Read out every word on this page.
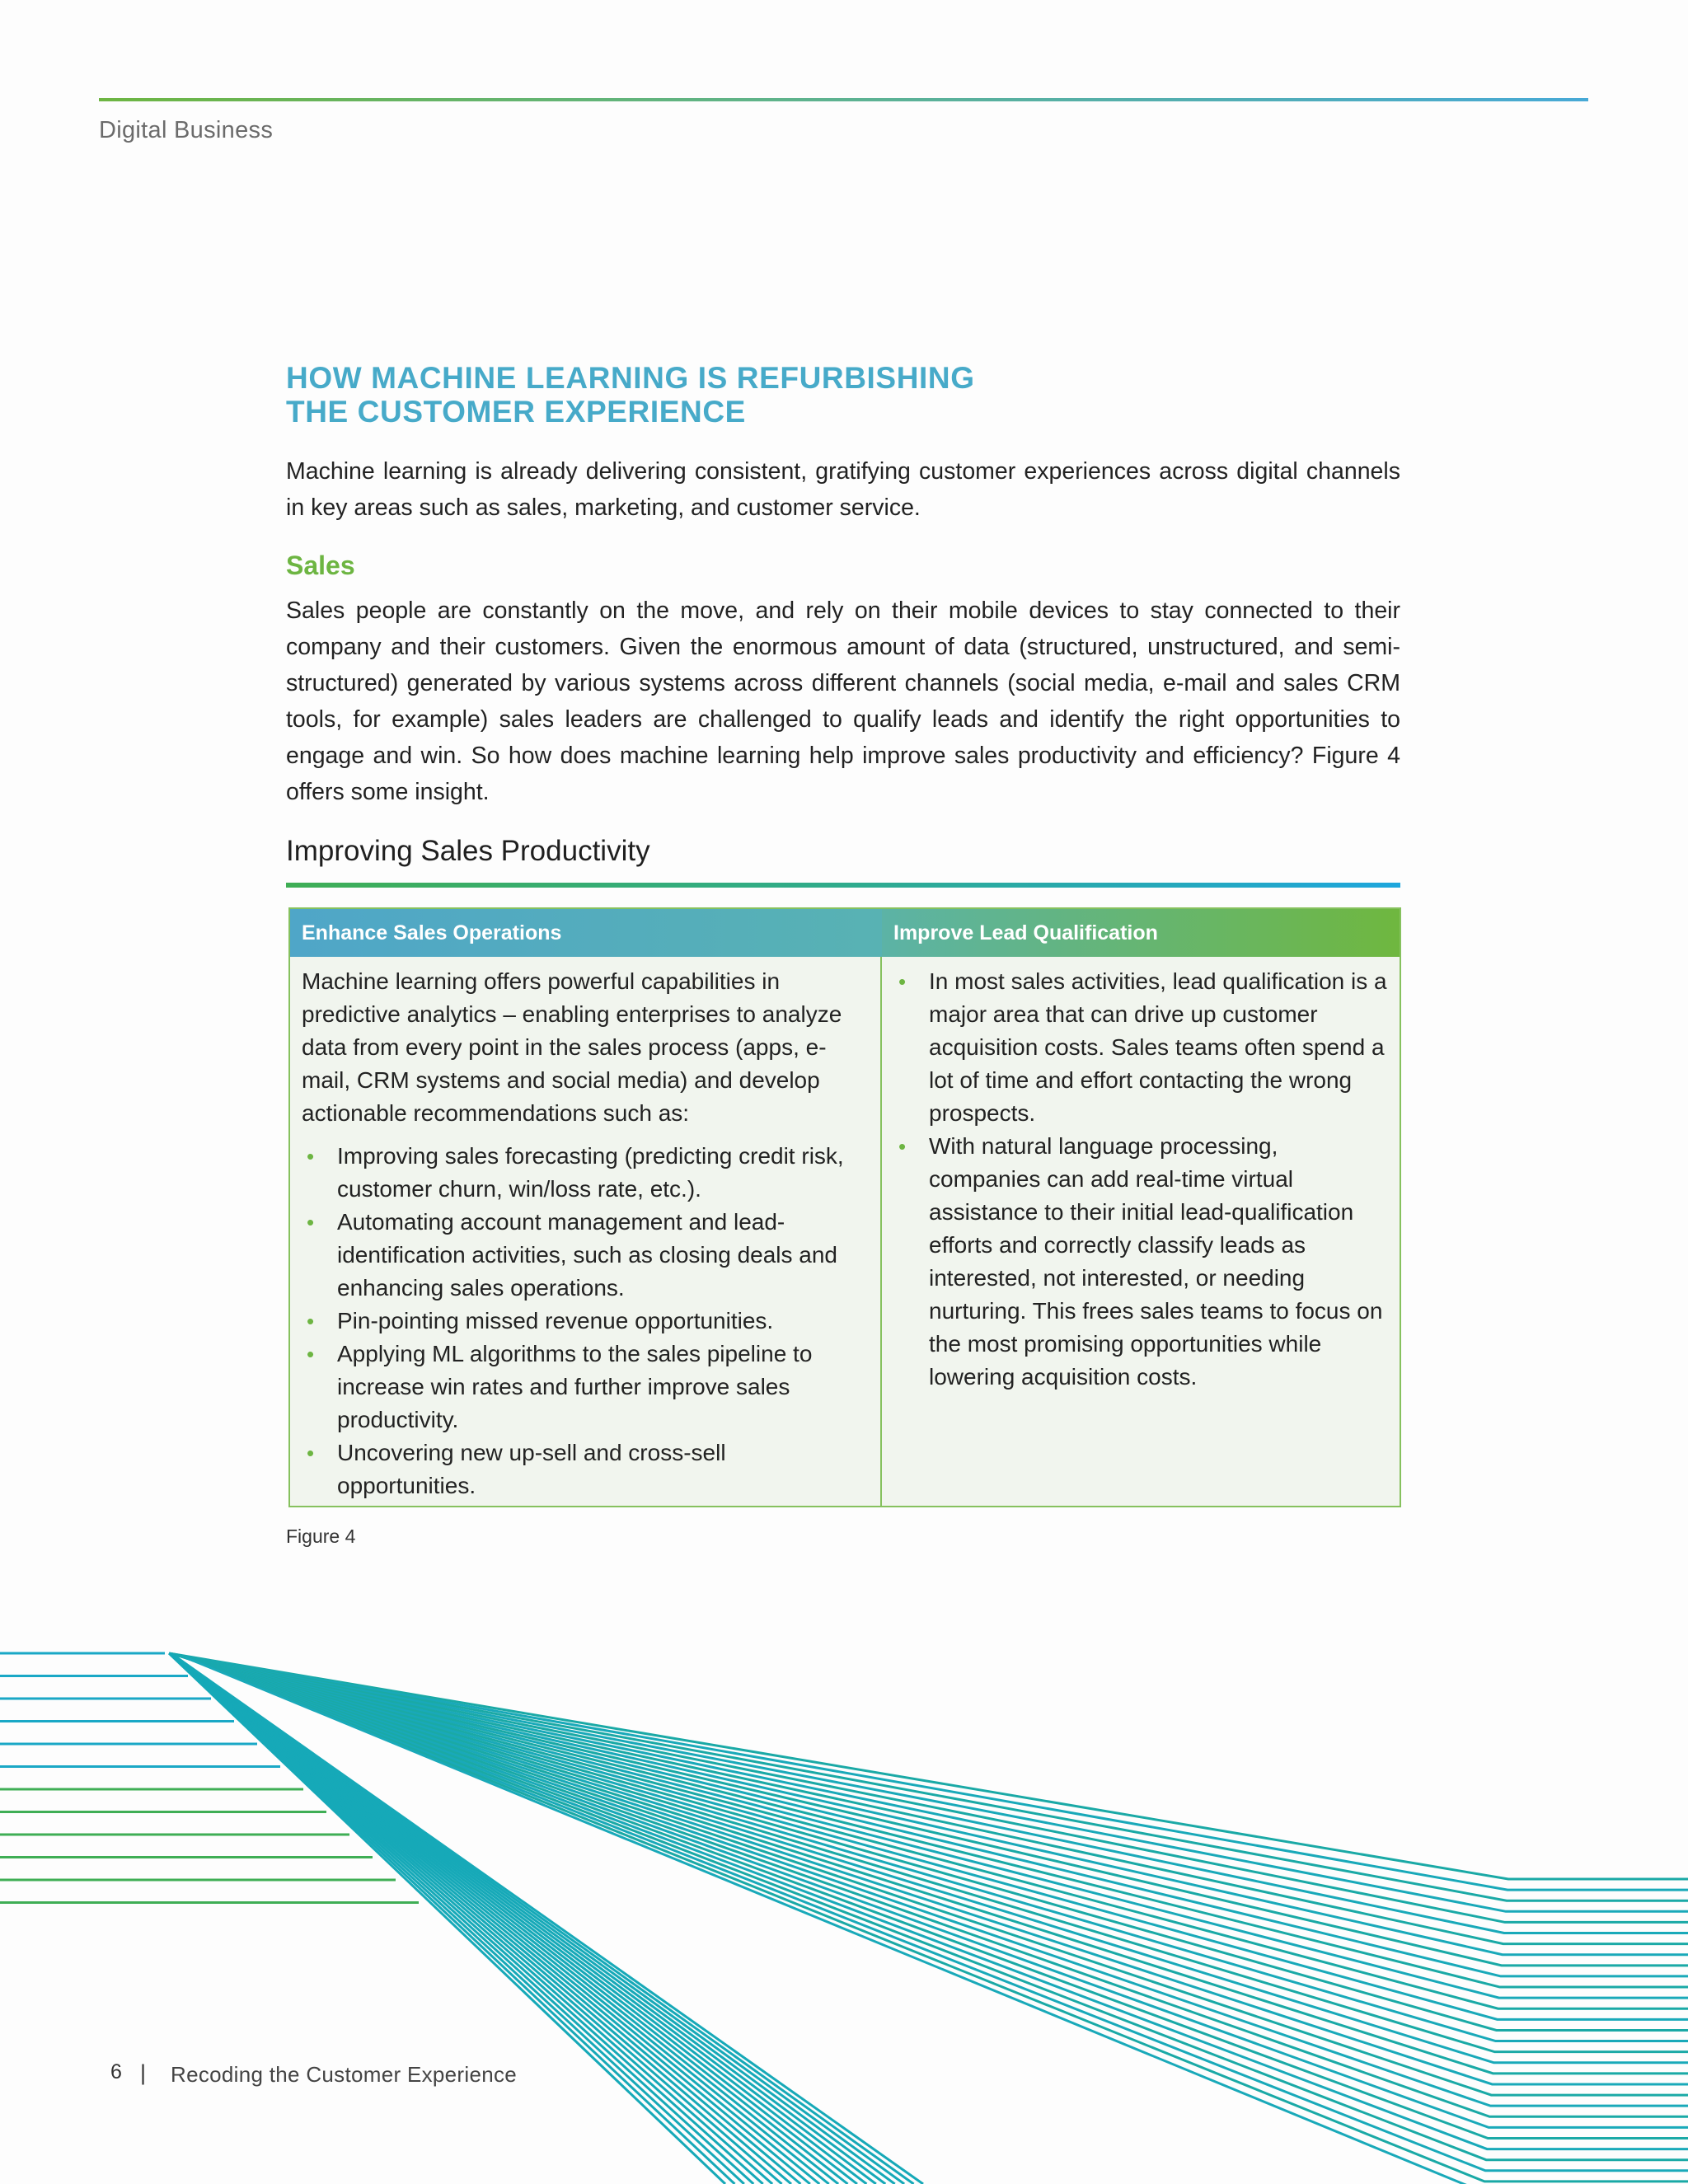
Digital Business
HOW MACHINE LEARNING IS REFURBISHING
THE CUSTOMER EXPERIENCE

Machine learning is already delivering consistent, gratifying customer experiences across digital channels in key areas such as sales, marketing, and customer service.

Sales

Sales people are constantly on the move, and rely on their mobile devices to stay connected to their company and their customers. Given the enormous amount of data (structured, unstructured, and semi-structured) generated by various systems across different channels (social media, e-mail and sales CRM tools, for example) sales leaders are challenged to qualify leads and identify the right opportunities to engage and win. So how does machine learning help improve sales productivity and efficiency? Figure 4 offers some insight.

Improving Sales Productivity
Enhance Sales Operations	Improve Lead Qualification

Machine learning offers powerful capabilities in predictive analytics – enabling enterprises to analyze data from every point in the sales process (apps, e-mail, CRM systems and social media) and develop actionable recommendations such as:

• Improving sales forecasting (predicting credit risk, customer churn, win/loss rate, etc.).
• Automating account management and lead-identification activities, such as closing deals and enhancing sales operations.
• Pin-pointing missed revenue opportunities.
• Applying ML algorithms to the sales pipeline to increase win rates and further improve sales productivity.
• Uncovering new up-sell and cross-sell opportunities.
• In most sales activities, lead qualification is a major area that can drive up customer acquisition costs. Sales teams often spend a lot of time and effort contacting the wrong prospects.
• With natural language processing, companies can add real-time virtual assistance to their initial lead-qualification efforts and correctly classify leads as interested, not interested, or needing nurturing. This frees sales teams to focus on the most promising opportunities while lowering acquisition costs.
Figure 4
6 | Recoding the Customer Experience
